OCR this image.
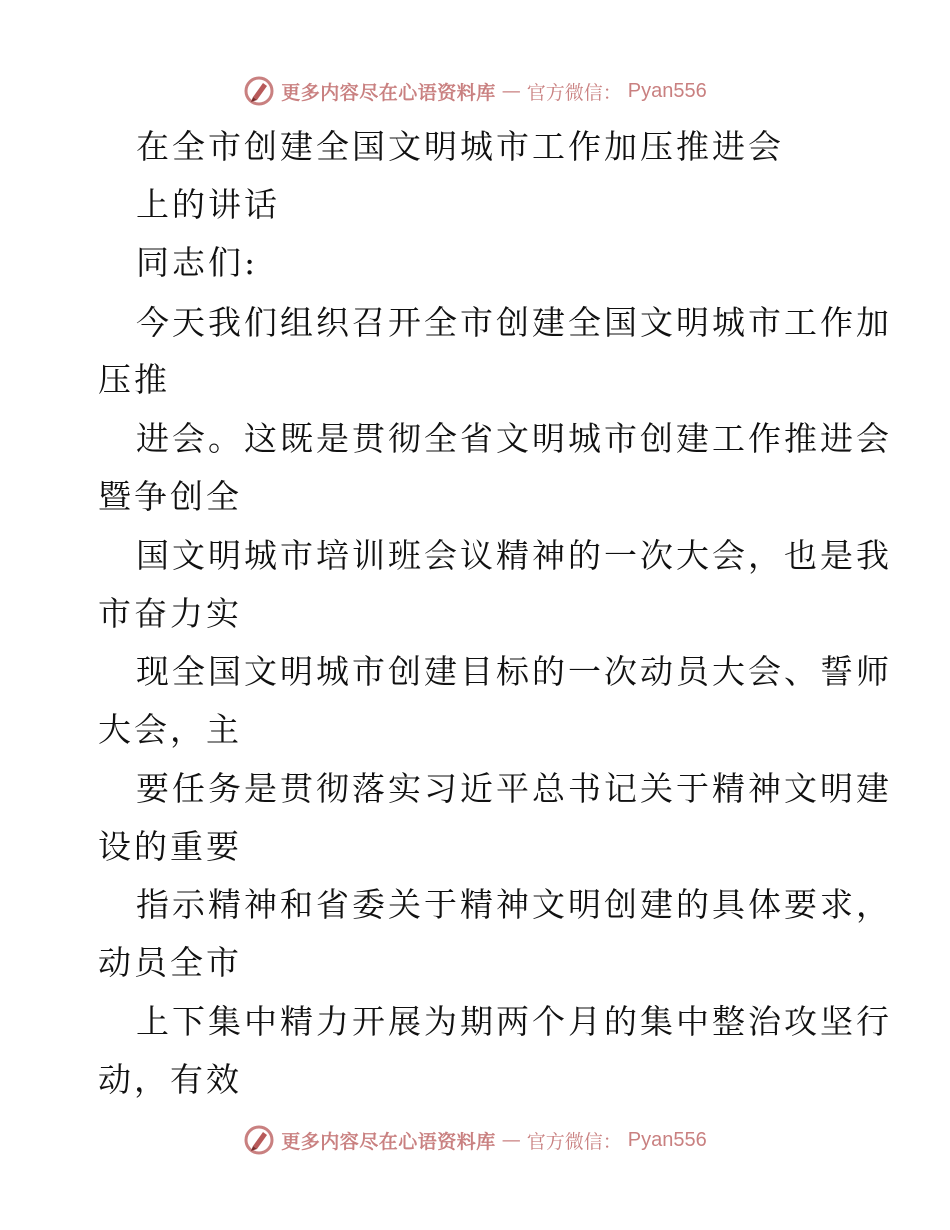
更多内容尽在心语资料库 — 官方微信： Pyan556
在全市创建全国文明城市工作加压推进会
上的讲话
同志们:
今天我们组织召开全市创建全国文明城市工作加
压推
进会。这既是贯彻全省文明城市创建工作推进会
暨争创全
国文明城市培训班会议精神的一次大会，也是我
市奋力实
现全国文明城市创建目标的一次动员大会、誓师
大会，主
要任务是贯彻落实习近平总书记关于精神文明建
设的重要
指示精神和省委关于精神文明创建的具体要求，
动员全市
上下集中精力开展为期两个月的集中整治攻坚行
动，有效
更多内容尽在心语资料库 — 官方微信： Pyan556
